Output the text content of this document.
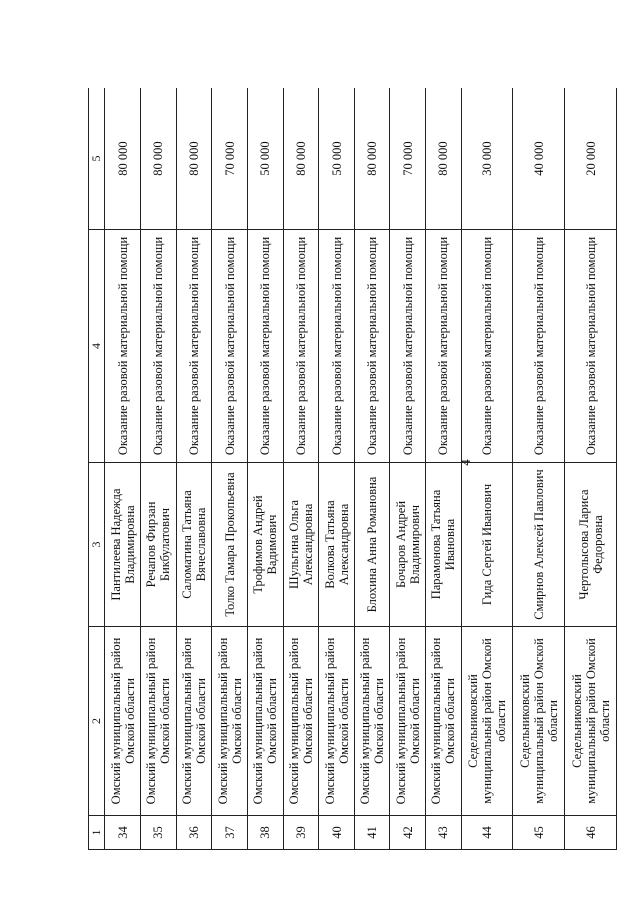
4
1	2	3	4	5
34	Омский муниципальный район Омской области	Пантилеева Надежда Владимировна	Оказание разовой материальной помощи	80 000
35	Омский муниципальный район Омской области	Речапов Фирзан Бикбулатович	Оказание разовой материальной помощи	80 000
36	Омский муниципальный район Омской области	Саломатина Татьяна Вячеславовна	Оказание разовой материальной помощи	80 000
37	Омский муниципальный район Омской области	Толко Тамара Прокопьевна	Оказание разовой материальной помощи	70 000
38	Омский муниципальный район Омской области	Трофимов Андрей Вадимович	Оказание разовой материальной помощи	50 000
39	Омский муниципальный район Омской области	Шульгина Ольга Александровна	Оказание разовой материальной помощи	80 000
40	Омский муниципальный район Омской области	Волкова Татьяна Александровна	Оказание разовой материальной помощи	50 000
41	Омский муниципальный район Омской области	Блохина Анна Романовна	Оказание разовой материальной помощи	80 000
42	Омский муниципальный район Омской области	Бочаров Андрей Владимирович	Оказание разовой материальной помощи	70 000
43	Омский муниципальный район Омской области	Парамонова Татьяна Ивановна	Оказание разовой материальной помощи	80 000
44	Седельниковский муниципальный район Омской области	Гида Сергей Иванович	Оказание разовой материальной помощи	30 000
45	Седельниковский муниципальный район Омской области	Смирнов Алексей Павлович	Оказание разовой материальной помощи	40 000
46	Седельниковский муниципальный район Омской области	Чертолысова Лариса Федоровна	Оказание разовой материальной помощи	20 000
